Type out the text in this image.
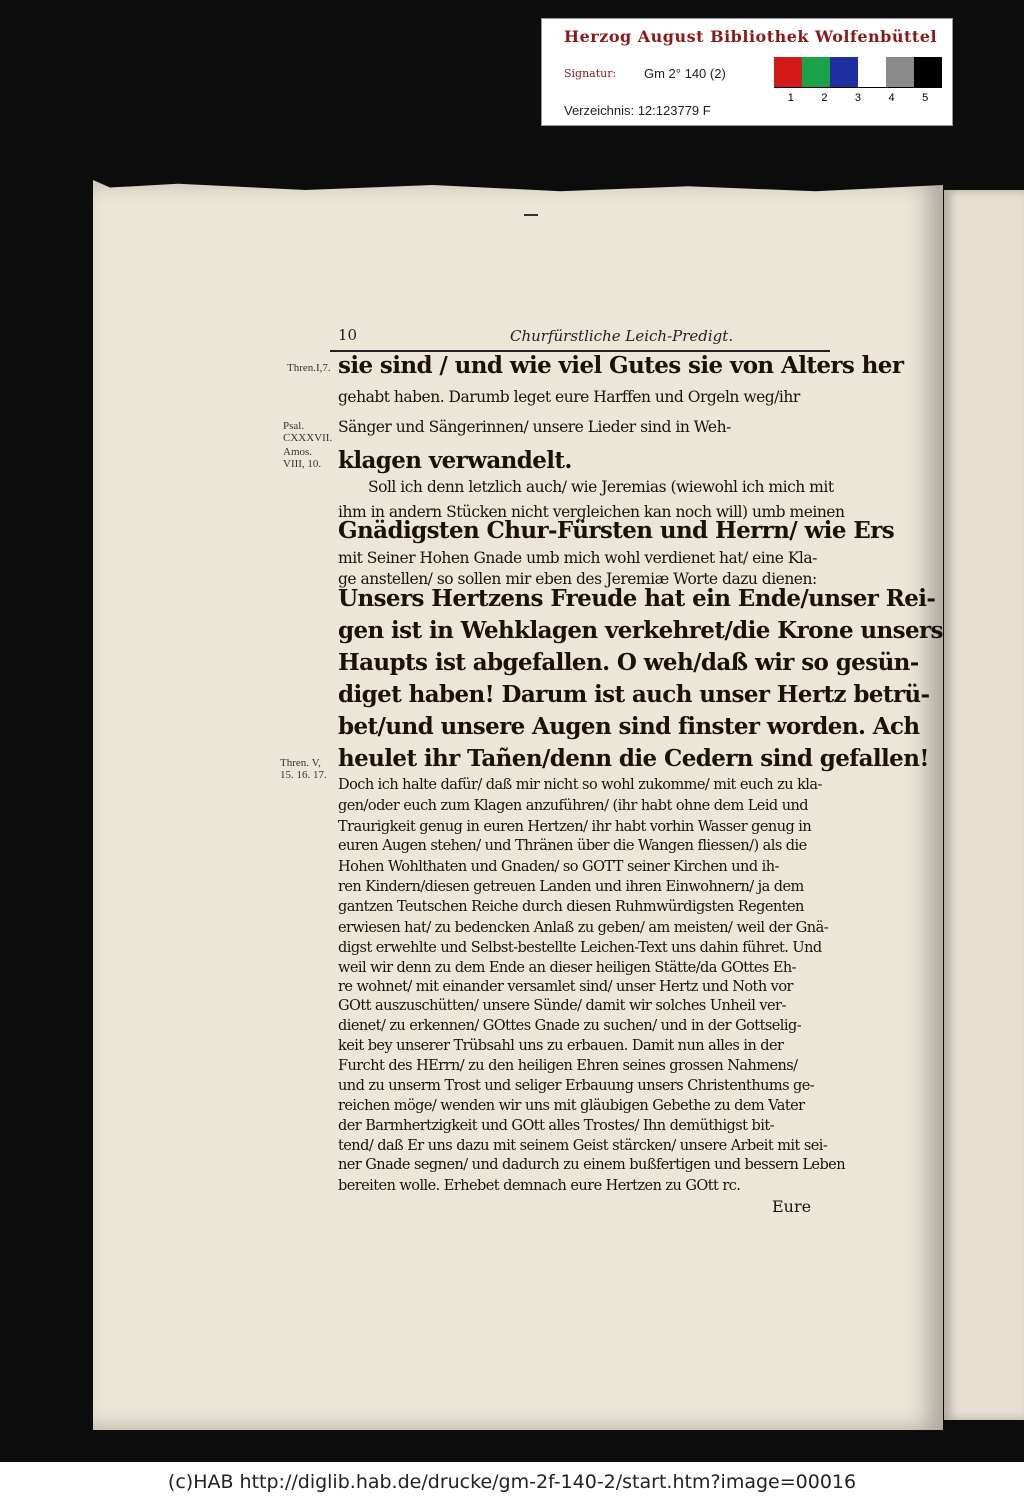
Herzog August Bibliothek Wolfenbüttel
Signatur: Gm 2° 140 (2)
Verzeichnis: 12:123779 F
1	2	3	4	5
10	Churfürstliche Leich-Predigt.
Thren.I,7.
Psal. CXXXVII.
Amos. VIII, 10.
Thren. V, 15. 16. 17.
sie sind / und wie viel Gutes sie von Alters her
gehabt haben. Darumb leget eure Harffen und Orgeln weg/ihr
Sänger und Sängerinnen/ unsere Lieder sind in Weh-
klagen verwandelt.
Soll ich denn letzlich auch/ wie Jeremias (wiewohl ich mich mit
ihm in andern Stücken nicht vergleichen kan noch will) umb meinen
Gnädigsten Chur-Fürsten und Herrn/ wie Ers
mit Seiner Hohen Gnade umb mich wohl verdienet hat/ eine Kla-
ge anstellen/ so sollen mir eben des Jeremiæ Worte dazu dienen:
Unsers Hertzens Freude hat ein Ende/unser Rei-
gen ist in Wehklagen verkehret/die Krone unsers
Haupts ist abgefallen. O weh/daß wir so gesün-
diget haben! Darum ist auch unser Hertz betrü-
bet/und unsere Augen sind finster worden. Ach
heulet ihr Tañen/denn die Cedern sind gefallen!
Doch ich halte dafür/ daß mir nicht so wohl zukomme/ mit euch zu kla-
gen/oder euch zum Klagen anzuführen/ (ihr habt ohne dem Leid und
Traurigkeit genug in euren Hertzen/ ihr habt vorhin Wasser genug in
euren Augen stehen/ und Thränen über die Wangen fliessen/) als die
Hohen Wohlthaten und Gnaden/ so GOTT seiner Kirchen und ih-
ren Kindern/diesen getreuen Landen und ihren Einwohnern/ ja dem
gantzen Teutschen Reiche durch diesen Ruhmwürdigsten Regenten
erwiesen hat/ zu bedencken Anlaß zu geben/ am meisten/ weil der Gnä-
digst erwehlte und Selbst-bestellte Leichen-Text uns dahin führet. Und
weil wir denn zu dem Ende an dieser heiligen Stätte/da GOttes Eh-
re wohnet/ mit einander versamlet sind/ unser Hertz und Noth vor
GOtt auszuschütten/ unsere Sünde/ damit wir solches Unheil ver-
dienet/ zu erkennen/ GOttes Gnade zu suchen/ und in der Gottselig-
keit bey unserer Trübsahl uns zu erbauen. Damit nun alles in der
Furcht des HErrn/ zu den heiligen Ehren seines grossen Nahmens/
und zu unserm Trost und seliger Erbauung unsers Christenthums ge-
reichen möge/ wenden wir uns mit gläubigen Gebethe zu dem Vater
der Barmhertzigkeit und GOtt alles Trostes/ Ihn demüthigst bit-
tend/ daß Er uns dazu mit seinem Geist stärcken/ unsere Arbeit mit sei-
ner Gnade segnen/ und dadurch zu einem bußfertigen und bessern Leben
bereiten wolle. Erhebet demnach eure Hertzen zu GOtt rc.
Eure
(c)HAB http://diglib.hab.de/drucke/gm-2f-140-2/start.htm?image=00016
